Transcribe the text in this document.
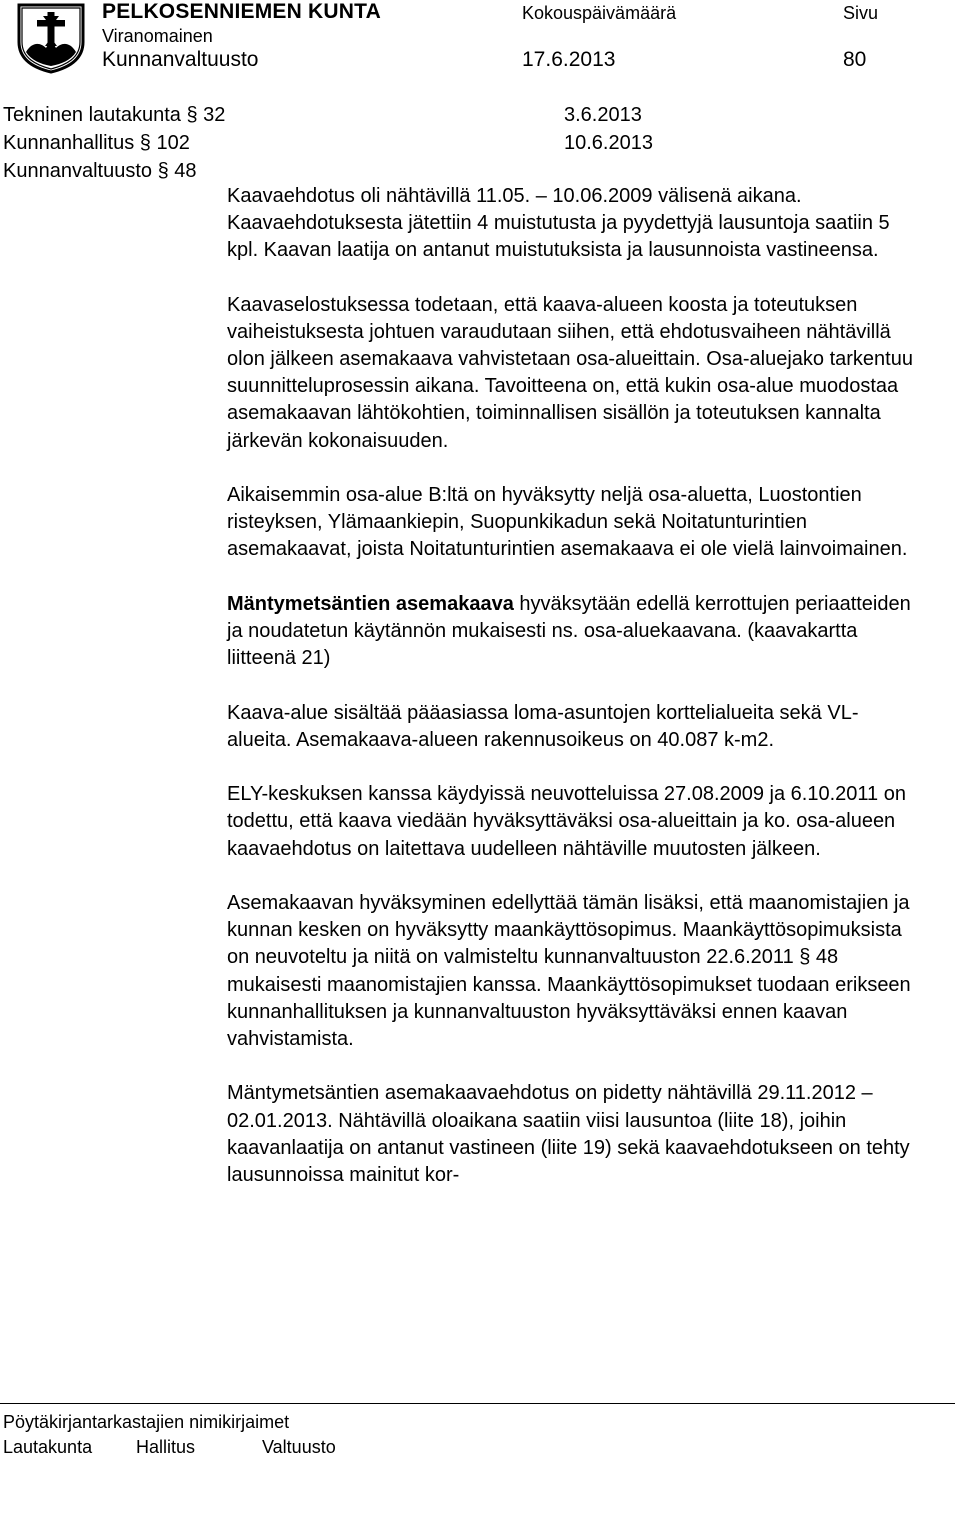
PELKOSENNIEMEN KUNTA
Viranomainen
Kunnanvaltuusto
Kokouspäivämäärä
17.6.2013
Sivu
80
Tekninen lautakunta § 32	3.6.2013
Kunnanhallitus § 102	10.6.2013
Kunnanvaltuusto § 48

Kaavaehdotus oli nähtävillä 11.05. – 10.06.2009 välisenä aikana. Kaavaehdotuksesta jätettiin 4 muistutusta ja pyydettyjä lausuntoja saatiin 5 kpl. Kaavan laatija on antanut muistutuksista ja lausunnoista vastineensa.

Kaavaselostuksessa todetaan, että kaava-alueen koosta ja toteutuksen vaiheistuksesta johtuen varaudutaan siihen, että ehdotusvaiheen nähtävillä olon jälkeen asemakaava vahvistetaan osa-alueittain. Osa-aluejako tarkentuu suunnitteluprosessin aikana. Tavoitteena on, että kukin osa-alue muodostaa asemakaavan lähtökohtien, toiminnallisen sisällön ja toteutuksen kannalta järkevän kokonaisuuden.

Aikaisemmin osa-alue B:ltä on hyväksytty neljä osa-aluetta, Luostontien risteyksen, Ylämaankiepin, Suopunkikadun sekä Noitatunturintien asemakaavat, joista Noitatunturintien asemakaava ei ole vielä lainvoimainen.

Mäntymetsäntien asemakaava hyväksytään edellä kerrottujen periaatteiden ja noudatetun käytännön mukaisesti ns. osa-aluekaavana. (kaavakartta liitteenä 21)

Kaava-alue sisältää pääasiassa loma-asuntojen korttelialueita sekä VL-alueita. Asemakaava-alueen rakennusoikeus on 40.087 k-m2.

ELY-keskuksen kanssa käydyissä neuvotteluissa 27.08.2009 ja 6.10.2011 on todettu, että kaava viedään hyväksyttäväksi osa-alueittain ja ko. osa-alueen kaavaehdotus on laitettava uudelleen nähtäville muutosten jälkeen.

Asemakaavan hyväksyminen edellyttää tämän lisäksi, että maanomistajien ja kunnan kesken on hyväksytty maankäyttösopimus. Maankäyttösopimuksista on neuvoteltu ja niitä on valmisteltu kunnanvaltuuston 22.6.2011 § 48 mukaisesti maanomistajien kanssa. Maankäyttösopimukset tuodaan erikseen kunnanhallituksen ja kunnanvaltuuston hyväksyttäväksi ennen kaavan vahvistamista.

Mäntymetsäntien asemakaavaehdotus on pidetty nähtävillä 29.11.2012 – 02.01.2013. Nähtävillä oloaikana saatiin viisi lausuntoa (liite 18), joihin kaavanlaatija on antanut vastineen (liite 19) sekä kaavaehdotukseen on tehty lausunnoissa mainitut kor-

Pöytäkirjantarkastajien nimikirjaimet
Lautakunta Hallitus	Valtuusto
